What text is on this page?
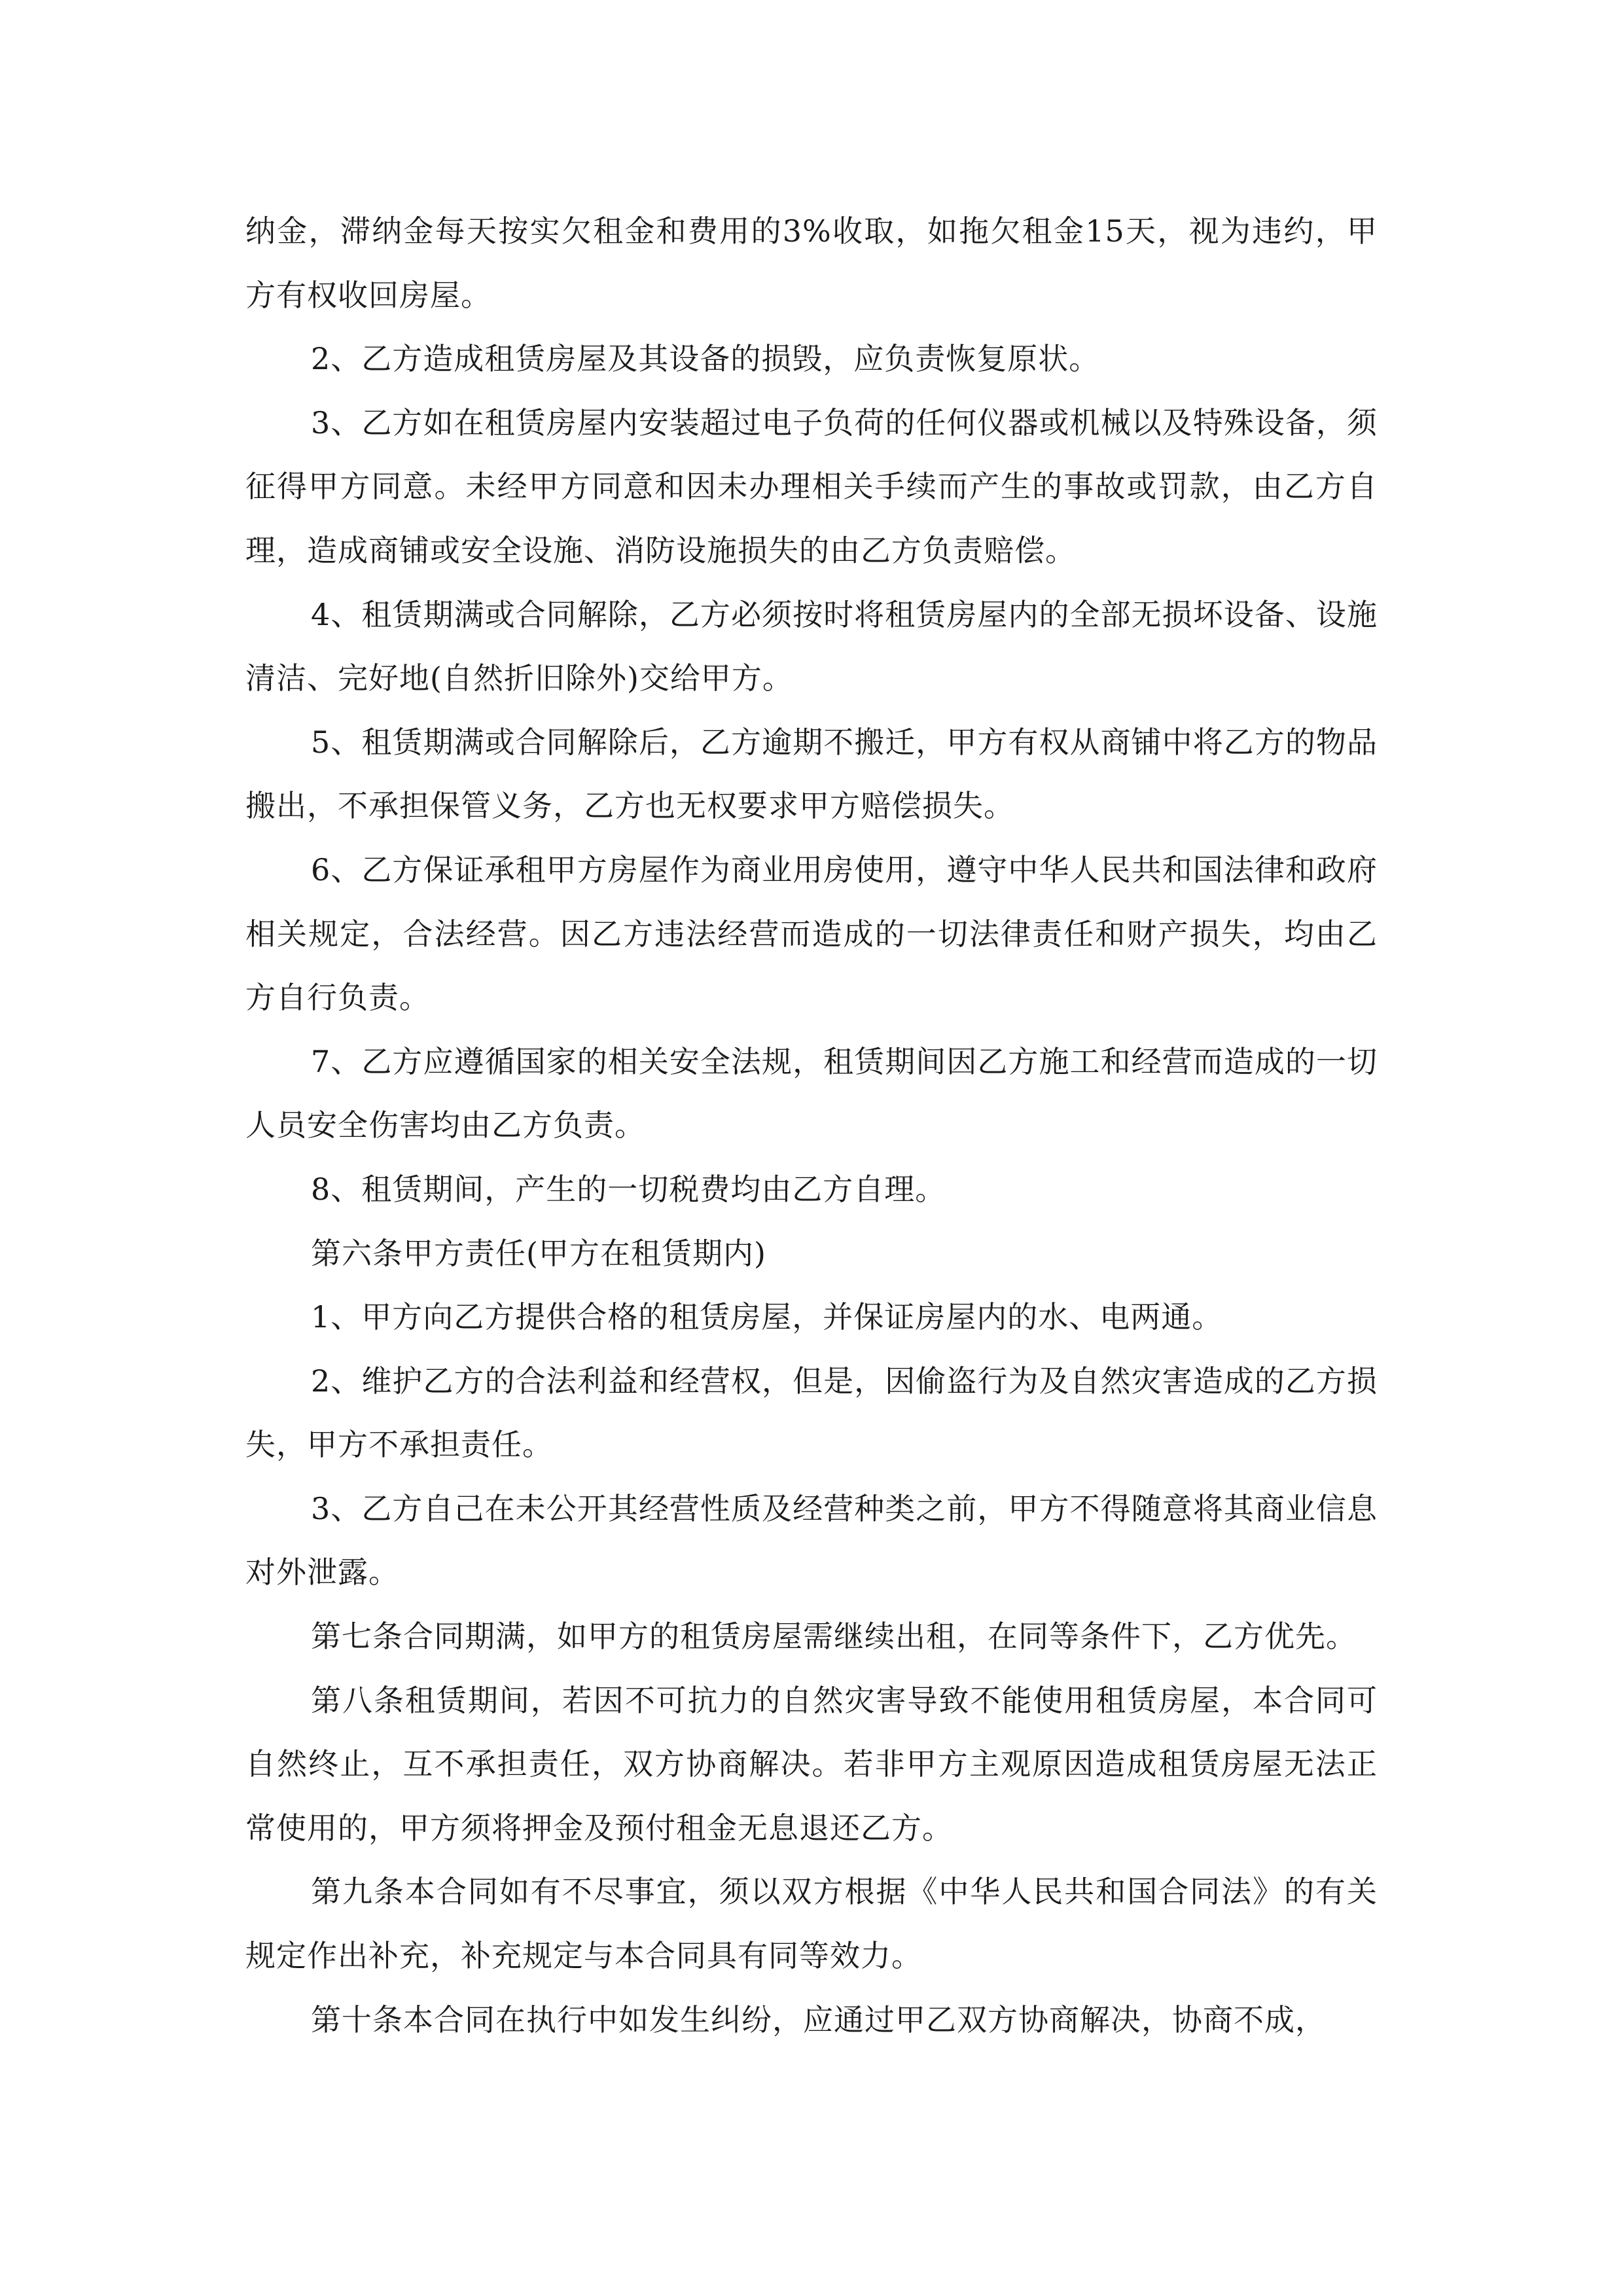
纳金，滞纳金每天按实欠租金和费用的3%收取，如拖欠租金15天，视为违约，甲方有权收回房屋。

2、乙方造成租赁房屋及其设备的损毁，应负责恢复原状。

3、乙方如在租赁房屋内安装超过电子负荷的任何仪器或机械以及特殊设备，须征得甲方同意。未经甲方同意和因未办理相关手续而产生的事故或罚款，由乙方自理，造成商铺或安全设施、消防设施损失的由乙方负责赔偿。

4、租赁期满或合同解除，乙方必须按时将租赁房屋内的全部无损坏设备、设施清洁、完好地(自然折旧除外)交给甲方。

5、租赁期满或合同解除后，乙方逾期不搬迁，甲方有权从商铺中将乙方的物品搬出，不承担保管义务，乙方也无权要求甲方赔偿损失。

6、乙方保证承租甲方房屋作为商业用房使用，遵守中华人民共和国法律和政府相关规定，合法经营。因乙方违法经营而造成的一切法律责任和财产损失，均由乙方自行负责。

7、乙方应遵循国家的相关安全法规，租赁期间因乙方施工和经营而造成的一切人员安全伤害均由乙方负责。

8、租赁期间，产生的一切税费均由乙方自理。

第六条甲方责任(甲方在租赁期内)

1、甲方向乙方提供合格的租赁房屋，并保证房屋内的水、电两通。

2、维护乙方的合法利益和经营权，但是，因偷盗行为及自然灾害造成的乙方损失，甲方不承担责任。

3、乙方自己在未公开其经营性质及经营种类之前，甲方不得随意将其商业信息对外泄露。

第七条合同期满，如甲方的租赁房屋需继续出租，在同等条件下，乙方优先。

第八条租赁期间，若因不可抗力的自然灾害导致不能使用租赁房屋，本合同可自然终止，互不承担责任，双方协商解决。若非甲方主观原因造成租赁房屋无法正常使用的，甲方须将押金及预付租金无息退还乙方。

第九条本合同如有不尽事宜，须以双方根据《中华人民共和国合同法》的有关规定作出补充，补充规定与本合同具有同等效力。

第十条本合同在执行中如发生纠纷，应通过甲乙双方协商解决，协商不成，
